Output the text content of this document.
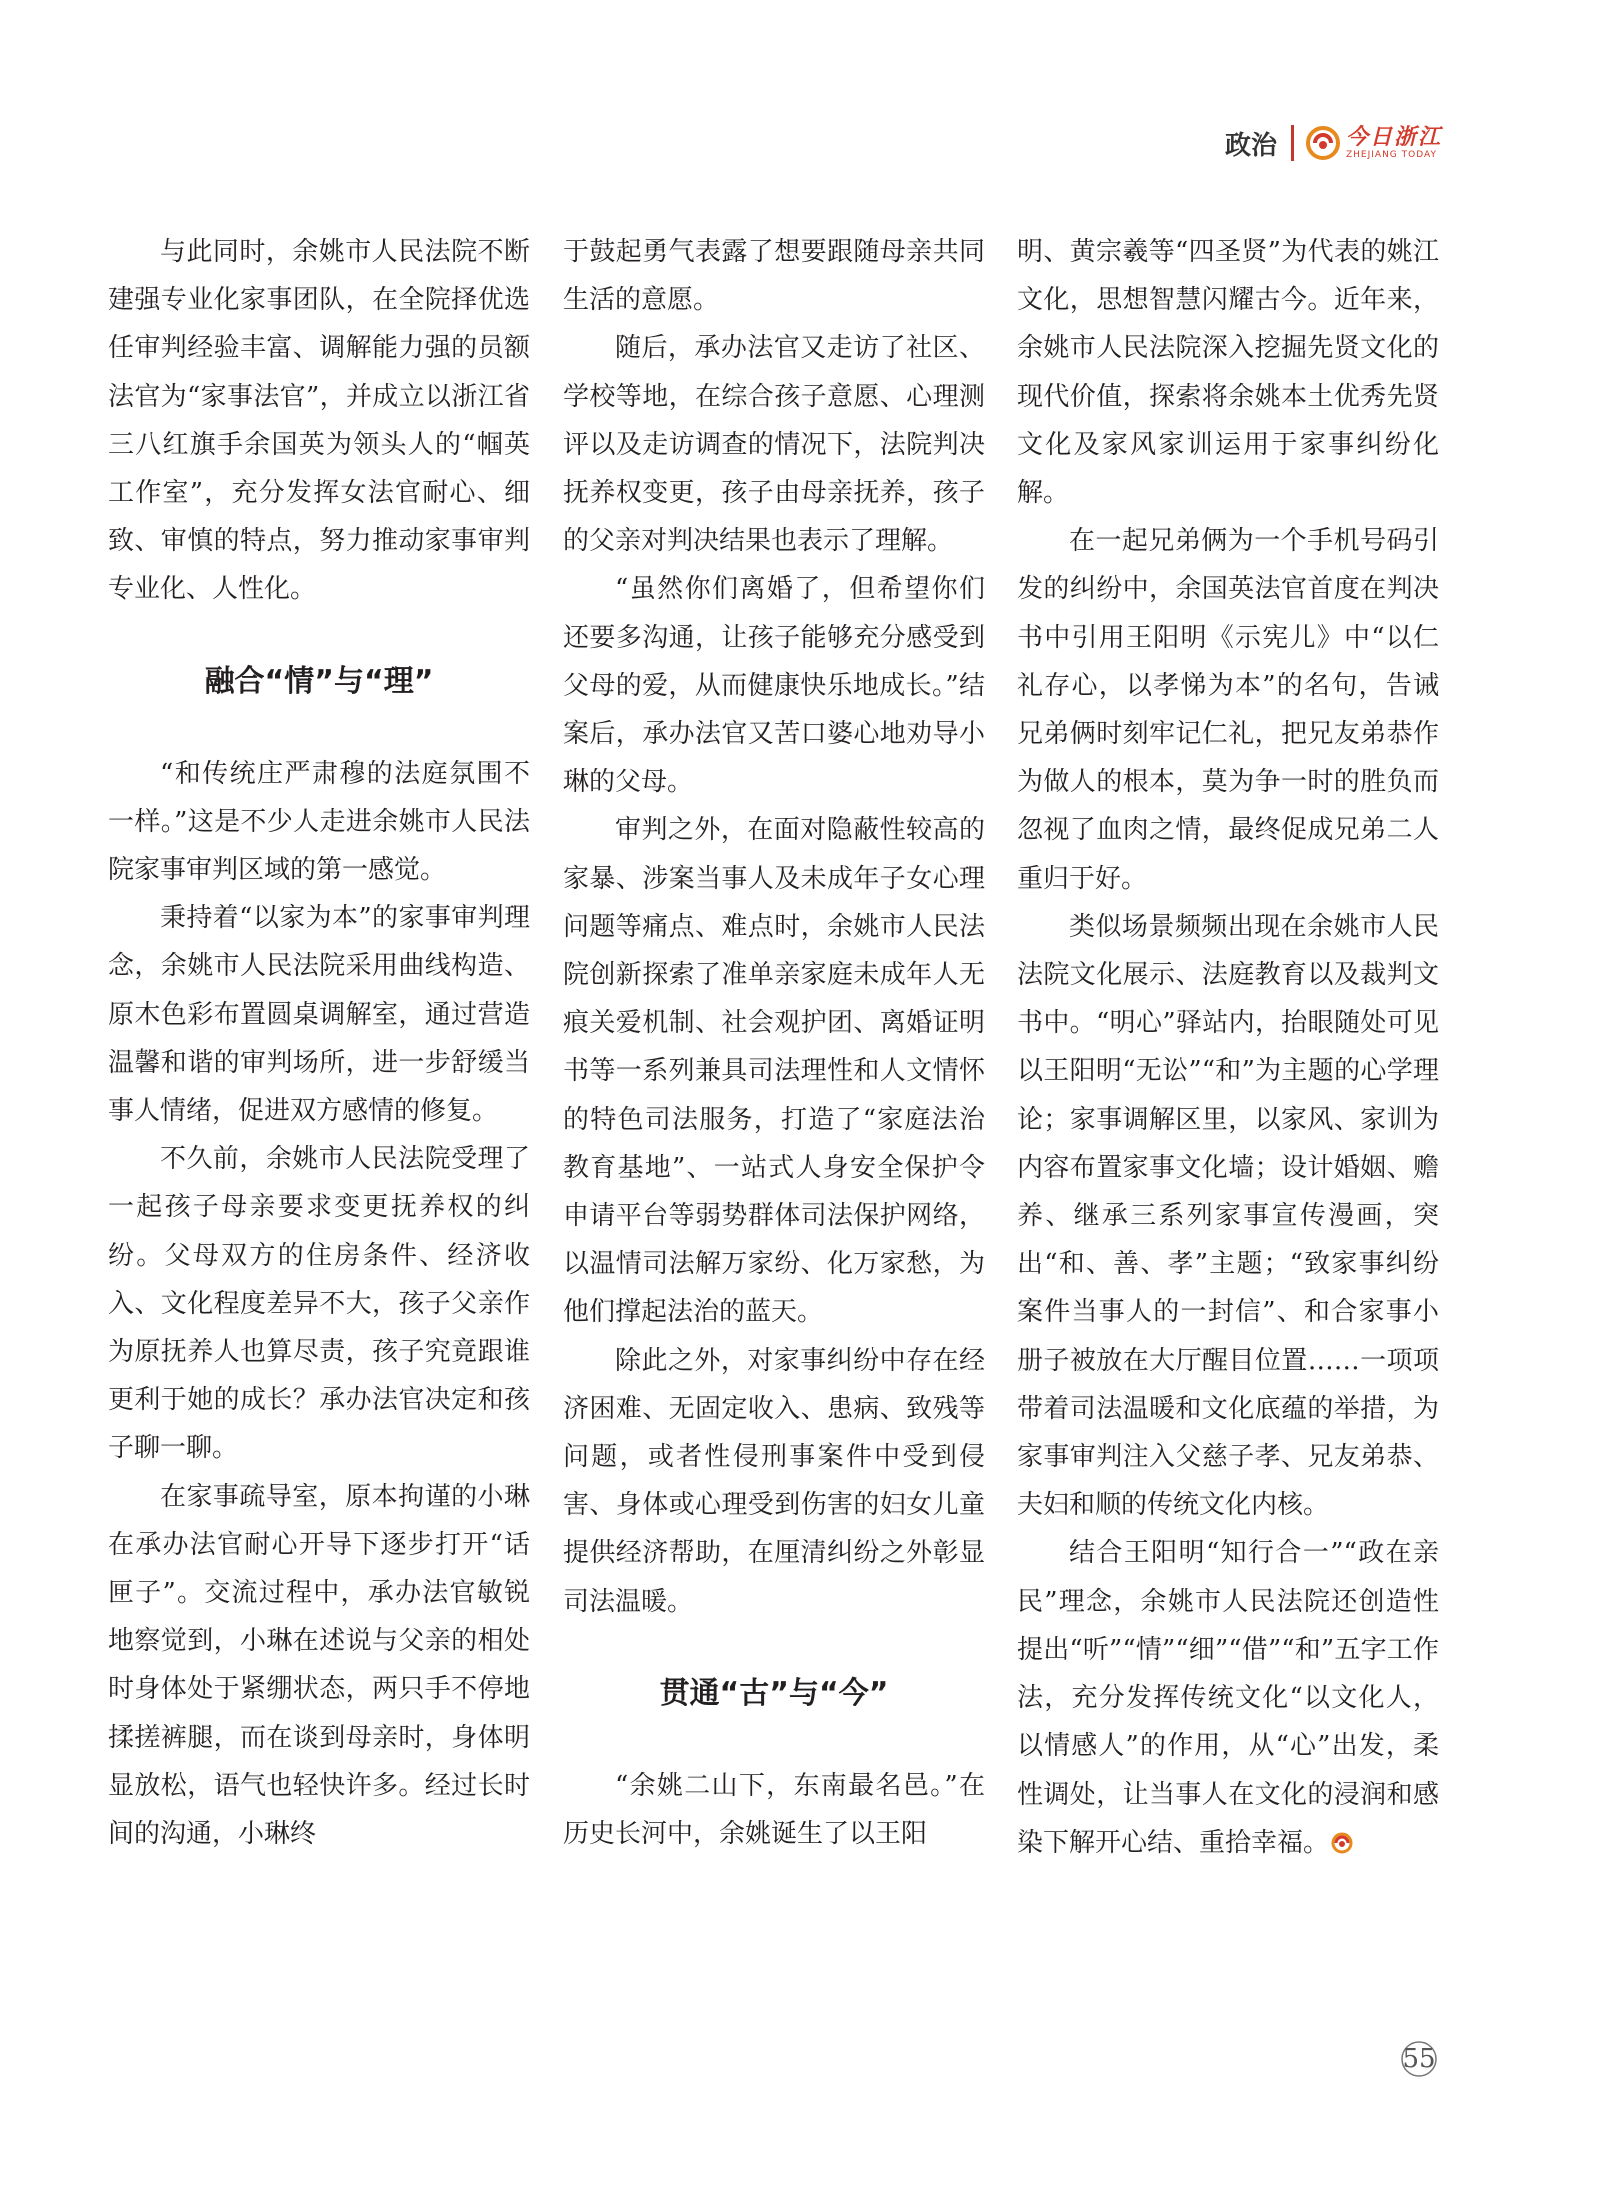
政治	今日浙江
ZHEJIANG TODAY

与此同时，余姚市人民法院不断建强专业化家事团队，在全院择优选任审判经验丰富、调解能力强的员额法官为“家事法官”，并成立以浙江省三八红旗手余国英为领头人的“帼英工作室”，充分发挥女法官耐心、细致、审慎的特点，努力推动家事审判专业化、人性化。

融合“情”与“理”

“和传统庄严肃穆的法庭氛围不一样。”这是不少人走进余姚市人民法院家事审判区域的第一感觉。

秉持着“以家为本”的家事审判理念，余姚市人民法院采用曲线构造、原木色彩布置圆桌调解室，通过营造温馨和谐的审判场所，进一步舒缓当事人情绪，促进双方感情的修复。

不久前，余姚市人民法院受理了一起孩子母亲要求变更抚养权的纠纷。父母双方的住房条件、经济收入、文化程度差异不大，孩子父亲作为原抚养人也算尽责，孩子究竟跟谁更利于她的成长？承办法官决定和孩子聊一聊。

在家事疏导室，原本拘谨的小琳在承办法官耐心开导下逐步打开“话匣子”。交流过程中，承办法官敏锐地察觉到，小琳在述说与父亲的相处时身体处于紧绷状态，两只手不停地揉搓裤腿，而在谈到母亲时，身体明显放松，语气也轻快许多。经过长时间的沟通，小琳终

于鼓起勇气表露了想要跟随母亲共同生活的意愿。

随后，承办法官又走访了社区、学校等地，在综合孩子意愿、心理测评以及走访调查的情况下，法院判决抚养权变更，孩子由母亲抚养，孩子的父亲对判决结果也表示了理解。

“虽然你们离婚了，但希望你们还要多沟通，让孩子能够充分感受到父母的爱，从而健康快乐地成长。”结案后，承办法官又苦口婆心地劝导小琳的父母。

审判之外，在面对隐蔽性较高的家暴、涉案当事人及未成年子女心理问题等痛点、难点时，余姚市人民法院创新探索了准单亲家庭未成年人无痕关爱机制、社会观护团、离婚证明书等一系列兼具司法理性和人文情怀的特色司法服务，打造了“家庭法治教育基地”、一站式人身安全保护令申请平台等弱势群体司法保护网络，以温情司法解万家纷、化万家愁，为他们撑起法治的蓝天。

除此之外，对家事纠纷中存在经济困难、无固定收入、患病、致残等问题，或者性侵刑事案件中受到侵害、身体或心理受到伤害的妇女儿童提供经济帮助，在厘清纠纷之外彰显司法温暖。

贯通“古”与“今”

“余姚二山下，东南最名邑。”在历史长河中，余姚诞生了以王阳

明、黄宗羲等“四圣贤”为代表的姚江文化，思想智慧闪耀古今。近年来，余姚市人民法院深入挖掘先贤文化的现代价值，探索将余姚本土优秀先贤文化及家风家训运用于家事纠纷化解。

在一起兄弟俩为一个手机号码引发的纠纷中，余国英法官首度在判决书中引用王阳明《示宪儿》中“以仁礼存心，以孝悌为本”的名句，告诫兄弟俩时刻牢记仁礼，把兄友弟恭作为做人的根本，莫为争一时的胜负而忽视了血肉之情，最终促成兄弟二人重归于好。

类似场景频频出现在余姚市人民法院文化展示、法庭教育以及裁判文书中。“明心”驿站内，抬眼随处可见以王阳明“无讼”“和”为主题的心学理论；家事调解区里，以家风、家训为内容布置家事文化墙；设计婚姻、赡养、继承三系列家事宣传漫画，突出“和、善、孝”主题；“致家事纠纷案件当事人的一封信”、和合家事小册子被放在大厅醒目位置……一项项带着司法温暖和文化底蕴的举措，为家事审判注入父慈子孝、兄友弟恭、夫妇和顺的传统文化内核。

结合王阳明“知行合一”“政在亲民”理念，余姚市人民法院还创造性提出“听”“情”“细”“借”“和”五字工作法，充分发挥传统文化“以文化人，以情感人”的作用，从“心”出发，柔性调处，让当事人在文化的浸润和感染下解开心结、重拾幸福。

55
